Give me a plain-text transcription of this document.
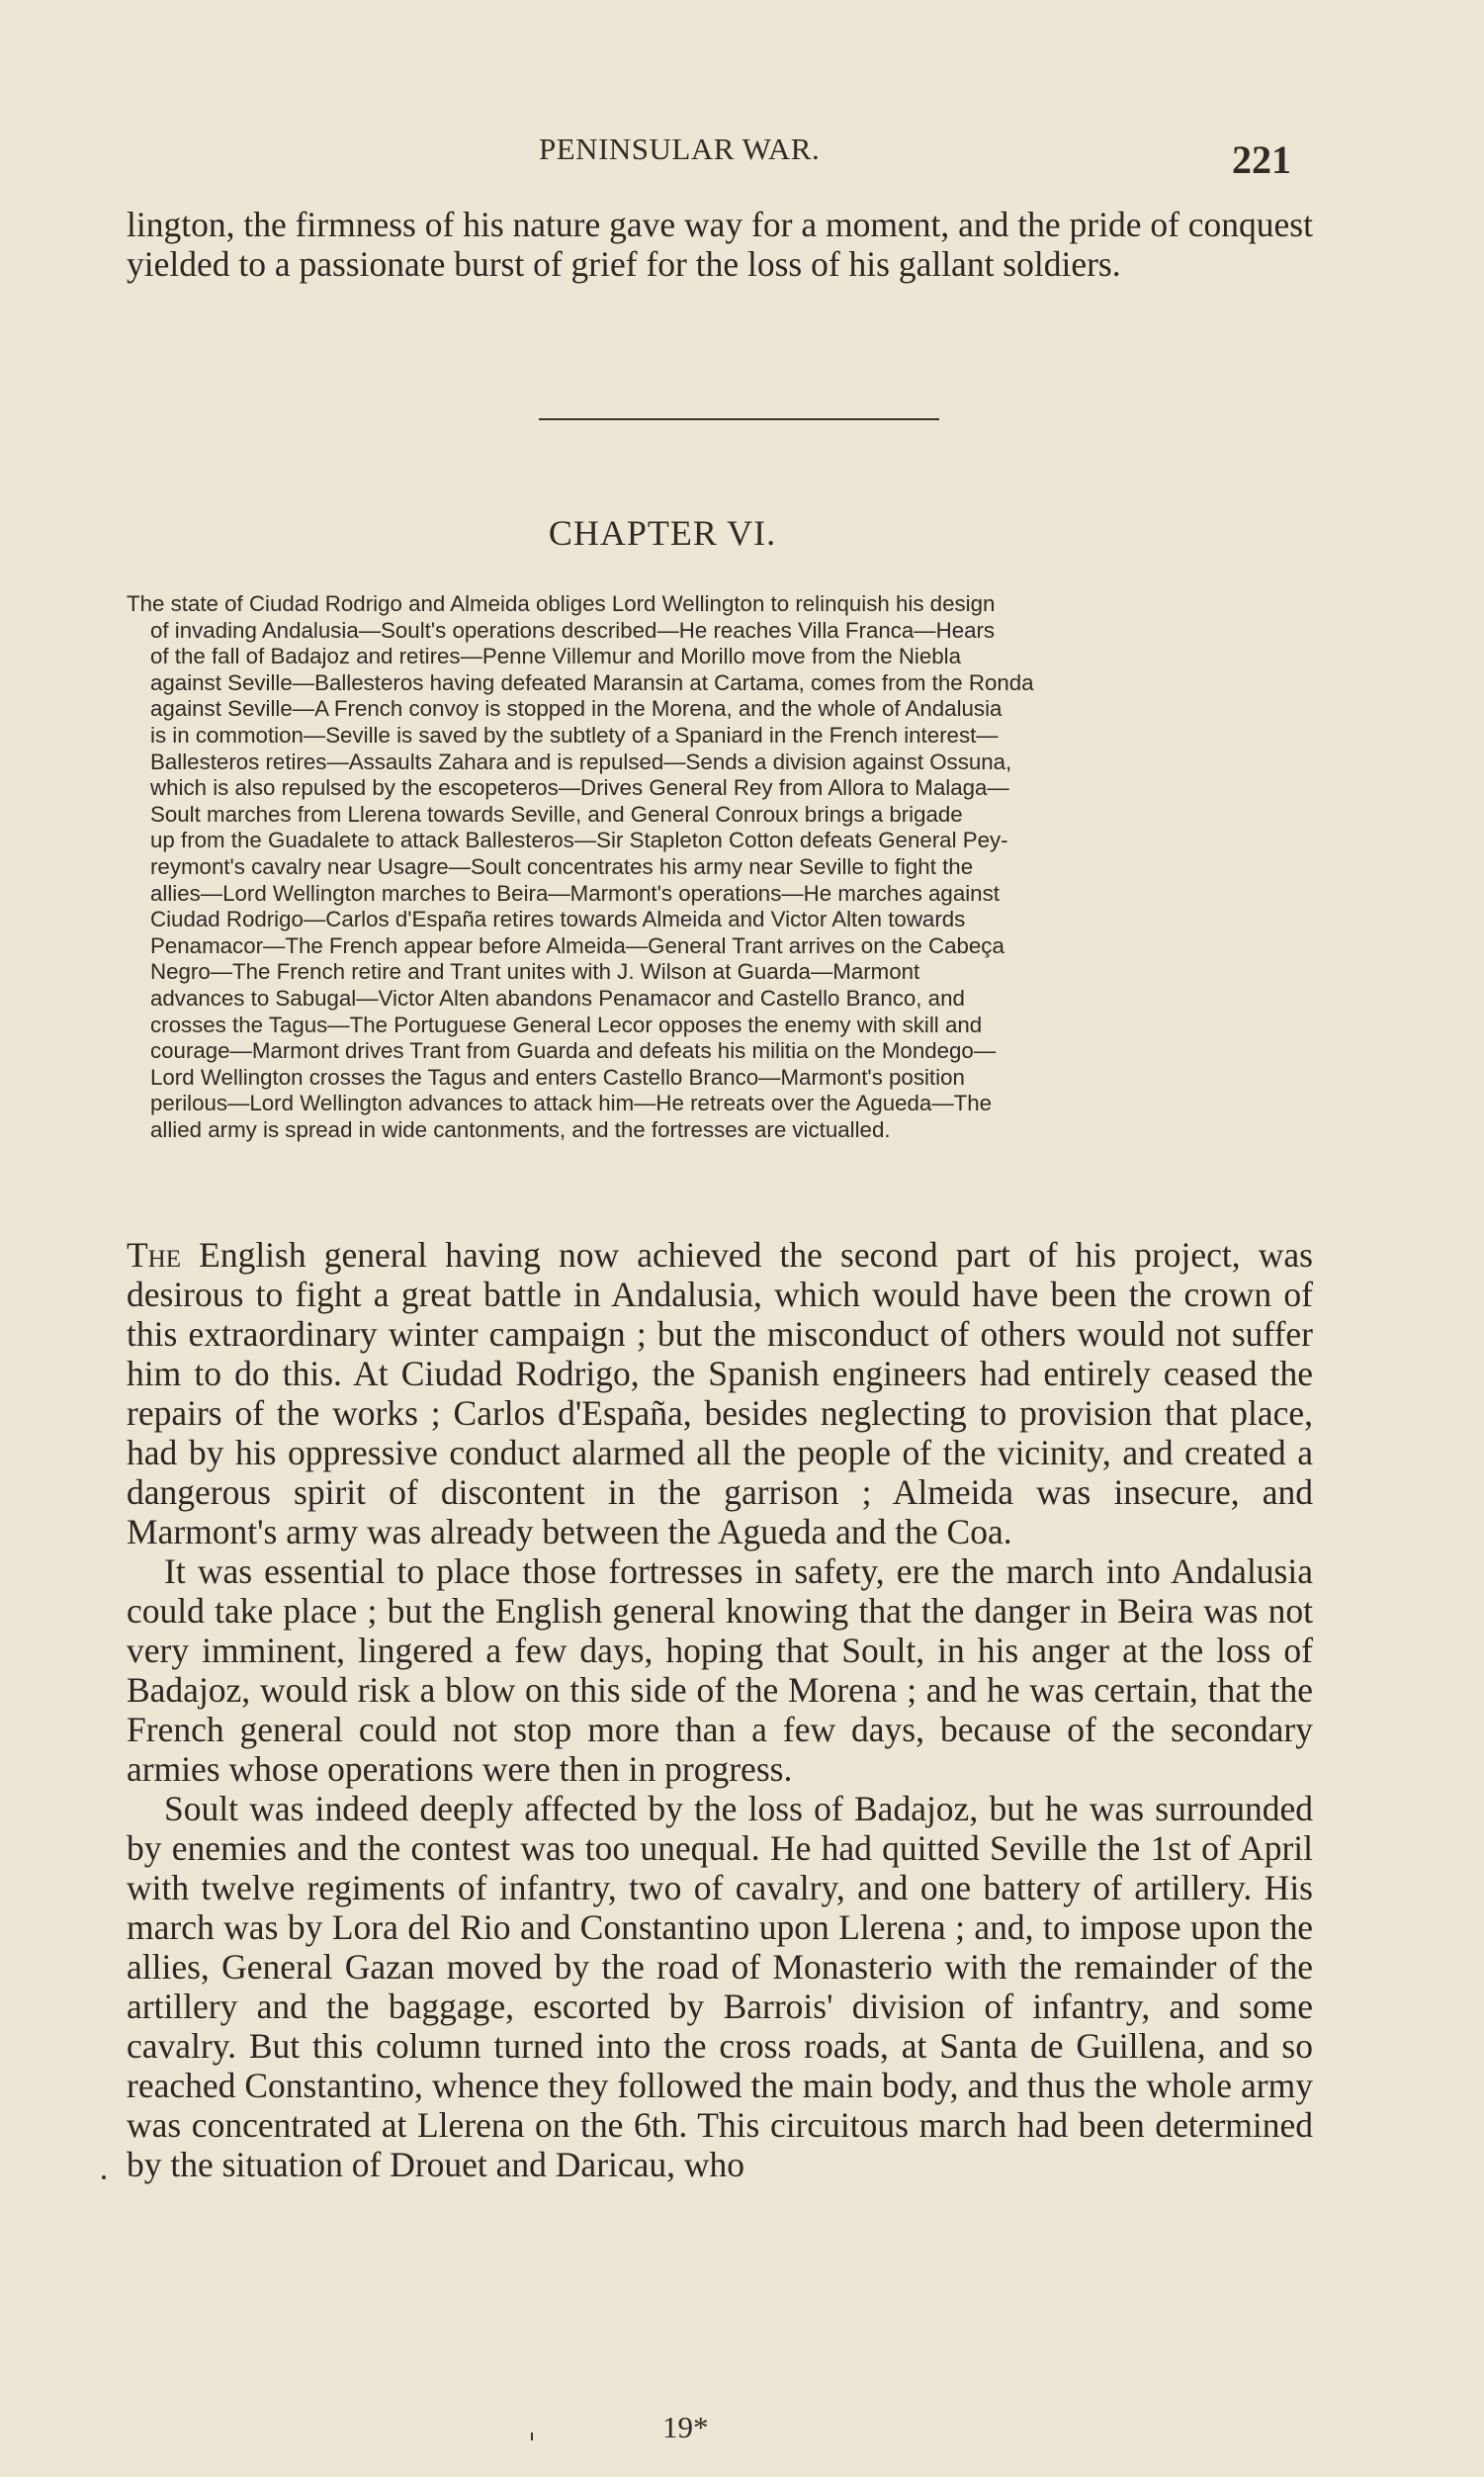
PENINSULAR WAR.	221

lington, the firmness of his nature gave way for a moment, and the pride of conquest yielded to a passionate burst of grief for the loss of his gallant soldiers.

CHAPTER VI.

The state of Ciudad Rodrigo and Almeida obliges Lord Wellington to relinquish his design
of invading Andalusia—Soult's operations described—He reaches Villa Franca—Hears
of the fall of Badajoz and retires—Penne Villemur and Morillo move from the Niebla
against Seville—Ballesteros having defeated Maransin at Cartama, comes from the Ronda
against Seville—A French convoy is stopped in the Morena, and the whole of Andalusia
is in commotion—Seville is saved by the subtlety of a Spaniard in the French interest—
Ballesteros retires—Assaults Zahara and is repulsed—Sends a division against Ossuna,
which is also repulsed by the escopeteros—Drives General Rey from Allora to Malaga—
Soult marches from Llerena towards Seville, and General Conroux brings a brigade
up from the Guadalete to attack Ballesteros—Sir Stapleton Cotton defeats General Pey-
reymont's cavalry near Usagre—Soult concentrates his army near Seville to fight the
allies—Lord Wellington marches to Beira—Marmont's operations—He marches against
Ciudad Rodrigo—Carlos d'España retires towards Almeida and Victor Alten towards
Penamacor—The French appear before Almeida—General Trant arrives on the Cabeça
Negro—The French retire and Trant unites with J. Wilson at Guarda—Marmont
advances to Sabugal—Victor Alten abandons Penamacor and Castello Branco, and
crosses the Tagus—The Portuguese General Lecor opposes the enemy with skill and
courage—Marmont drives Trant from Guarda and defeats his militia on the Mondego—
Lord Wellington crosses the Tagus and enters Castello Branco—Marmont's position
perilous—Lord Wellington advances to attack him—He retreats over the Agueda—The
allied army is spread in wide cantonments, and the fortresses are victualled.

The English general having now achieved the second part of his project, was desirous to fight a great battle in Andalusia, which would have been the crown of this extraordinary winter campaign ; but the misconduct of others would not suffer him to do this. At Ciudad Rodrigo, the Spanish engineers had entirely ceased the repairs of the works ; Carlos d'España, besides neglecting to provision that place, had by his oppressive conduct alarmed all the people of the vicinity, and created a dangerous spirit of discontent in the garrison ; Almeida was insecure, and Marmont's army was already between the Agueda and the Coa.

It was essential to place those fortresses in safety, ere the march into Andalusia could take place ; but the English general knowing that the danger in Beira was not very imminent, lingered a few days, hoping that Soult, in his anger at the loss of Badajoz, would risk a blow on this side of the Morena ; and he was certain, that the French general could not stop more than a few days, because of the secondary armies whose operations were then in progress.

Soult was indeed deeply affected by the loss of Badajoz, but he was surrounded by enemies and the contest was too unequal. He had quitted Seville the 1st of April with twelve regiments of infantry, two of cavalry, and one battery of artillery. His march was by Lora del Rio and Constantino upon Llerena ; and, to impose upon the allies, General Gazan moved by the road of Monasterio with the remainder of the artillery and the baggage, escorted by Barrois' division of infantry, and some cavalry. But this column turned into the cross roads, at Santa de Guillena, and so reached Constantino, whence they followed the main body, and thus the whole army was concentrated at Llerena on the 6th. This circuitous march had been determined by the situation of Drouet and Daricau, who

19*
